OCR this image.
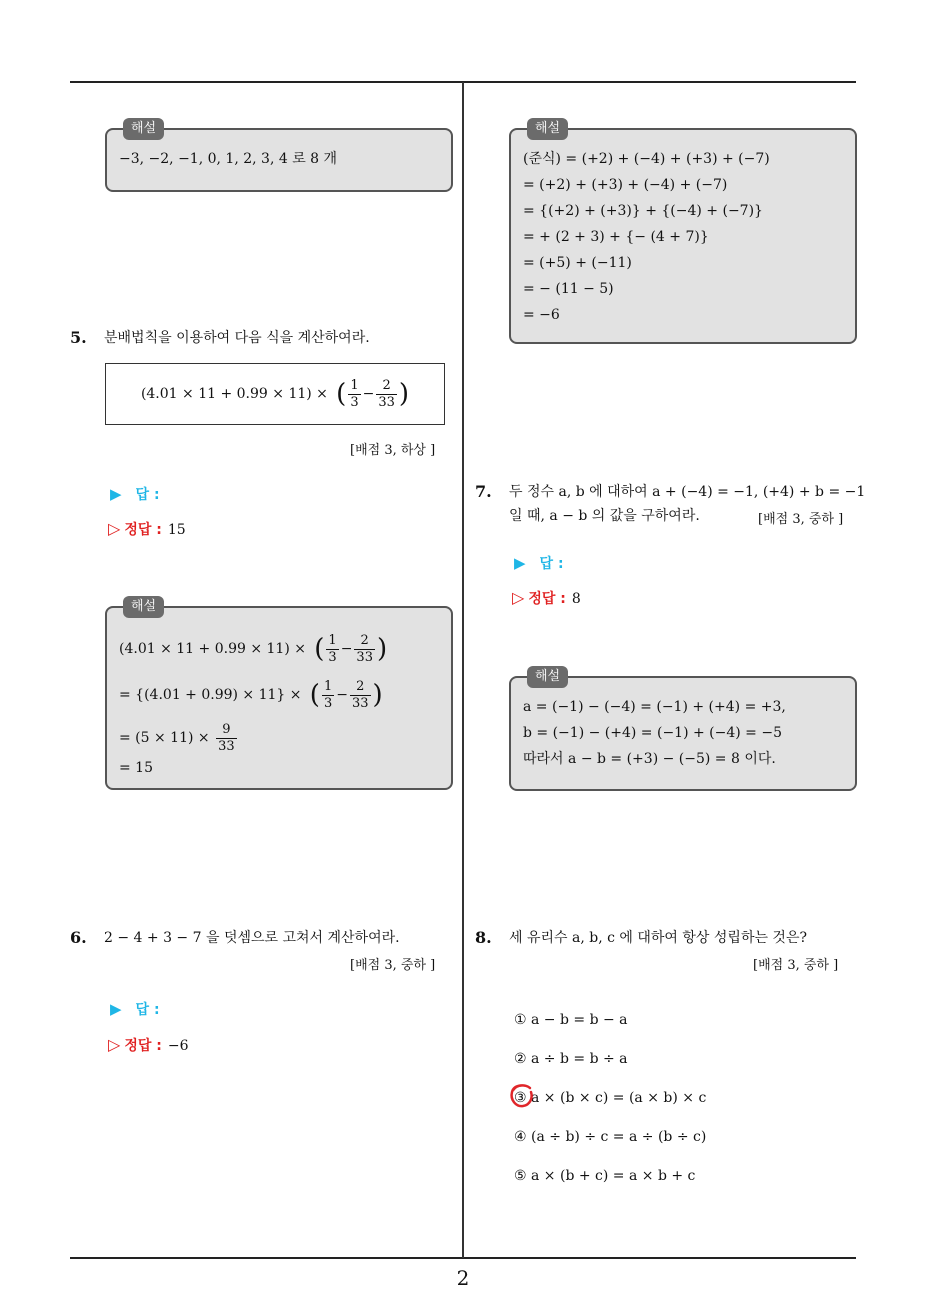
해설
−3, −2, −1, 0, 1, 2, 3, 4 로 8 개
5. 분배법칙을 이용하여 다음 식을 계산하여라.
(4.01 × 11 + 0.99 × 11) × ( $\frac{1}{3} - \frac{2}{33}$ )
[배점 3, 하상 ]
▶ 답 :
▷ 정답 : 15
해설
(4.01 × 11 + 0.99 × 11) × ( $\frac{1}{3} - \frac{2}{33}$ )
= {(4.01 + 0.99) × 11} × ( $\frac{1}{3} - \frac{2}{33}$ )
= (5 × 11) ×
$\frac{9}{33}$
= 15
6. 2 − 4 + 3 − 7 을 덧셈으로 고쳐서 계산하여라.
[배점 3, 중하 ]
▶ 답 :
▷ 정답 : −6
해설
(준식) = (+2) + (−4) + (+3) + (−7)
= (+2) + (+3) + (−4) + (−7)
= {(+2) + (+3)} + {(−4) + (−7)}
= + (2 + 3) + {− (4 + 7)}
= (+5) + (−11)
= − (11 − 5)
= −6
7. 두 정수 a, b 에 대하여 a + (−4) = −1, (+4) + b = −1
일 때, a − b 의 값을 구하여라.	[배점 3, 중하 ]
▶ 답 :
▷ 정답 : 8
해설
a = (−1) − (−4) = (−1) + (+4) = +3,
b = (−1) − (+4) = (−1) + (−4) = −5
따라서 a − b = (+3) − (−5) = 8 이다.
8. 세 유리수 a, b, c 에 대하여 항상 성립하는 것은?
[배점 3, 중하 ]
① a − b = b − a
② a ÷ b = b ÷ a
③ a × (b × c) = (a × b) × c
④ (a ÷ b) ÷ c = a ÷ (b ÷ c)
⑤ a × (b + c) = a × b + c
2
